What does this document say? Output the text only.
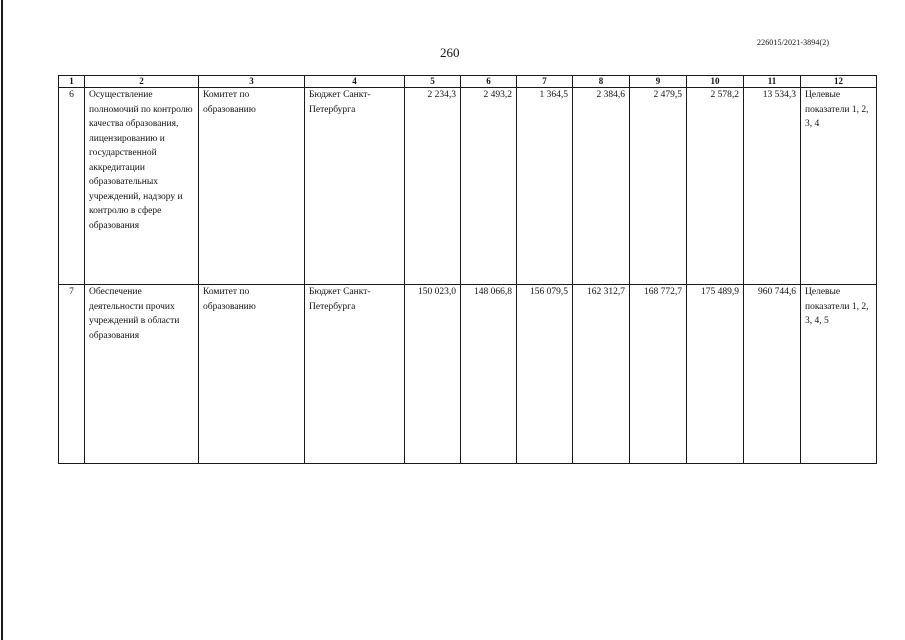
260
226015/2021-3894(2)
1	2	3	4	5	6	7	8	9	10	11	12
6	Осуществление полномочий по контролю качества образования, лицензированию и государственной аккредитации образовательных учреждений, надзору и контролю в сфере образования	Комитет по образованию	Бюджет Санкт-Петербурга	2 234,3	2 493,2	1 364,5	2 384,6	2 479,5	2 578,2	13 534,3	Целевые показатели 1, 2, 3, 4
7	Обеспечение деятельности прочих учреждений в области образования	Комитет по образованию	Бюджет Санкт-Петербурга	150 023,0	148 066,8	156 079,5	162 312,7	168 772,7	175 489,9	960 744,6	Целевые показатели 1, 2, 3, 4, 5
